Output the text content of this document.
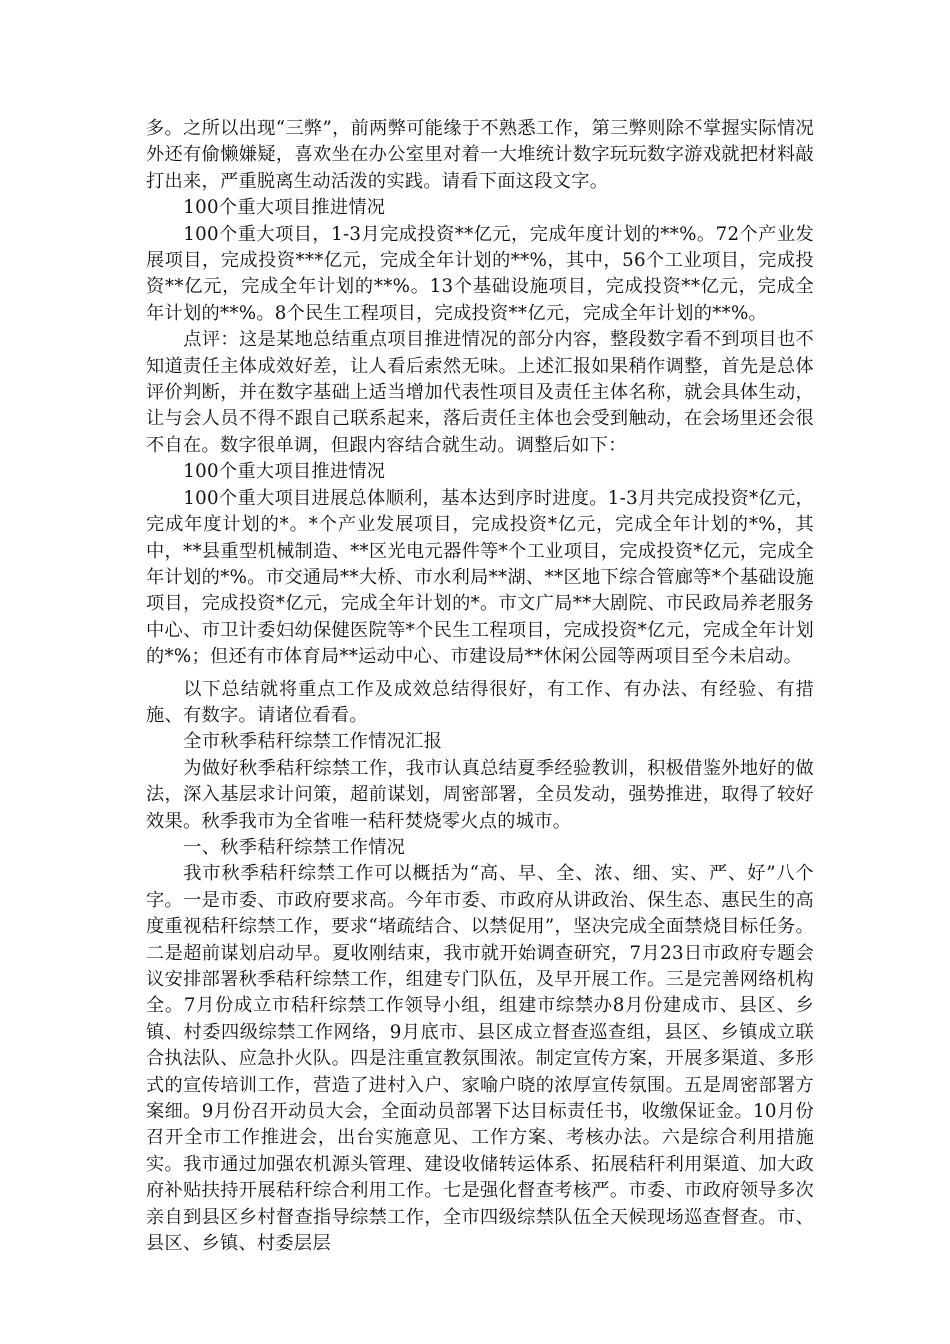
多。之所以出现“三弊”，前两弊可能缘于不熟悉工作，第三弊则除不掌握实际情况外还有偷懒嫌疑，喜欢坐在办公室里对着一大堆统计数字玩玩数字游戏就把材料敲打出来，严重脱离生动活泼的实践。请看下面这段文字。

100个重大项目推进情况

100个重大项目，1-3月完成投资**亿元，完成年度计划的**%。72个产业发展项目，完成投资***亿元，完成全年计划的**%，其中，56个工业项目，完成投资**亿元，完成全年计划的**%。13个基础设施项目，完成投资**亿元，完成全年计划的**%。8个民生工程项目，完成投资**亿元，完成全年计划的**%。

点评：这是某地总结重点项目推进情况的部分内容，整段数字看不到项目也不知道责任主体成效好差，让人看后索然无味。上述汇报如果稍作调整，首先是总体评价判断，并在数字基础上适当增加代表性项目及责任主体名称，就会具体生动，让与会人员不得不跟自己联系起来，落后责任主体也会受到触动，在会场里还会很不自在。数字很单调，但跟内容结合就生动。调整后如下：

100个重大项目推进情况

100个重大项目进展总体顺利，基本达到序时进度。1-3月共完成投资*亿元，完成年度计划的*。*个产业发展项目，完成投资*亿元，完成全年计划的*%，其中，**县重型机械制造、**区光电元器件等*个工业项目，完成投资*亿元，完成全年计划的*%。市交通局**大桥、市水利局**湖、**区地下综合管廊等*个基础设施项目，完成投资*亿元，完成全年计划的*。市文广局**大剧院、市民政局养老服务中心、市卫计委妇幼保健医院等*个民生工程项目，完成投资*亿元，完成全年计划的*%；但还有市体育局**运动中心、市建设局**休闲公园等两项目至今未启动。

以下总结就将重点工作及成效总结得很好，有工作、有办法、有经验、有措施、有数字。请诸位看看。

全市秋季秸秆综禁工作情况汇报

为做好秋季秸秆综禁工作，我市认真总结夏季经验教训，积极借鉴外地好的做法，深入基层求计问策，超前谋划，周密部署，全员发动，强势推进，取得了较好效果。秋季我市为全省唯一秸秆焚烧零火点的城市。

一、秋季秸秆综禁工作情况

我市秋季秸秆综禁工作可以概括为“高、早、全、浓、细、实、严、好”八个字。一是市委、市政府要求高。今年市委、市政府从讲政治、保生态、惠民生的高度重视秸秆综禁工作，要求“堵疏结合、以禁促用”，坚决完成全面禁烧目标任务。二是超前谋划启动早。夏收刚结束，我市就开始调查研究，7月23日市政府专题会议安排部署秋季秸秆综禁工作，组建专门队伍，及早开展工作。三是完善网络机构全。7月份成立市秸秆综禁工作领导小组，组建市综禁办8月份建成市、县区、乡镇、村委四级综禁工作网络，9月底市、县区成立督查巡查组，县区、乡镇成立联合执法队、应急扑火队。四是注重宣教氛围浓。制定宣传方案，开展多渠道、多形式的宣传培训工作，营造了进村入户、家喻户晓的浓厚宣传氛围。五是周密部署方案细。9月份召开动员大会，全面动员部署下达目标责任书，收缴保证金。10月份召开全市工作推进会，出台实施意见、工作方案、考核办法。六是综合利用措施实。我市通过加强农机源头管理、建设收储转运体系、拓展秸秆利用渠道、加大政府补贴扶持开展秸秆综合利用工作。七是强化督查考核严。市委、市政府领导多次亲自到县区乡村督查指导综禁工作，全市四级综禁队伍全天候现场巡查督查。市、县区、乡镇、村委层层
